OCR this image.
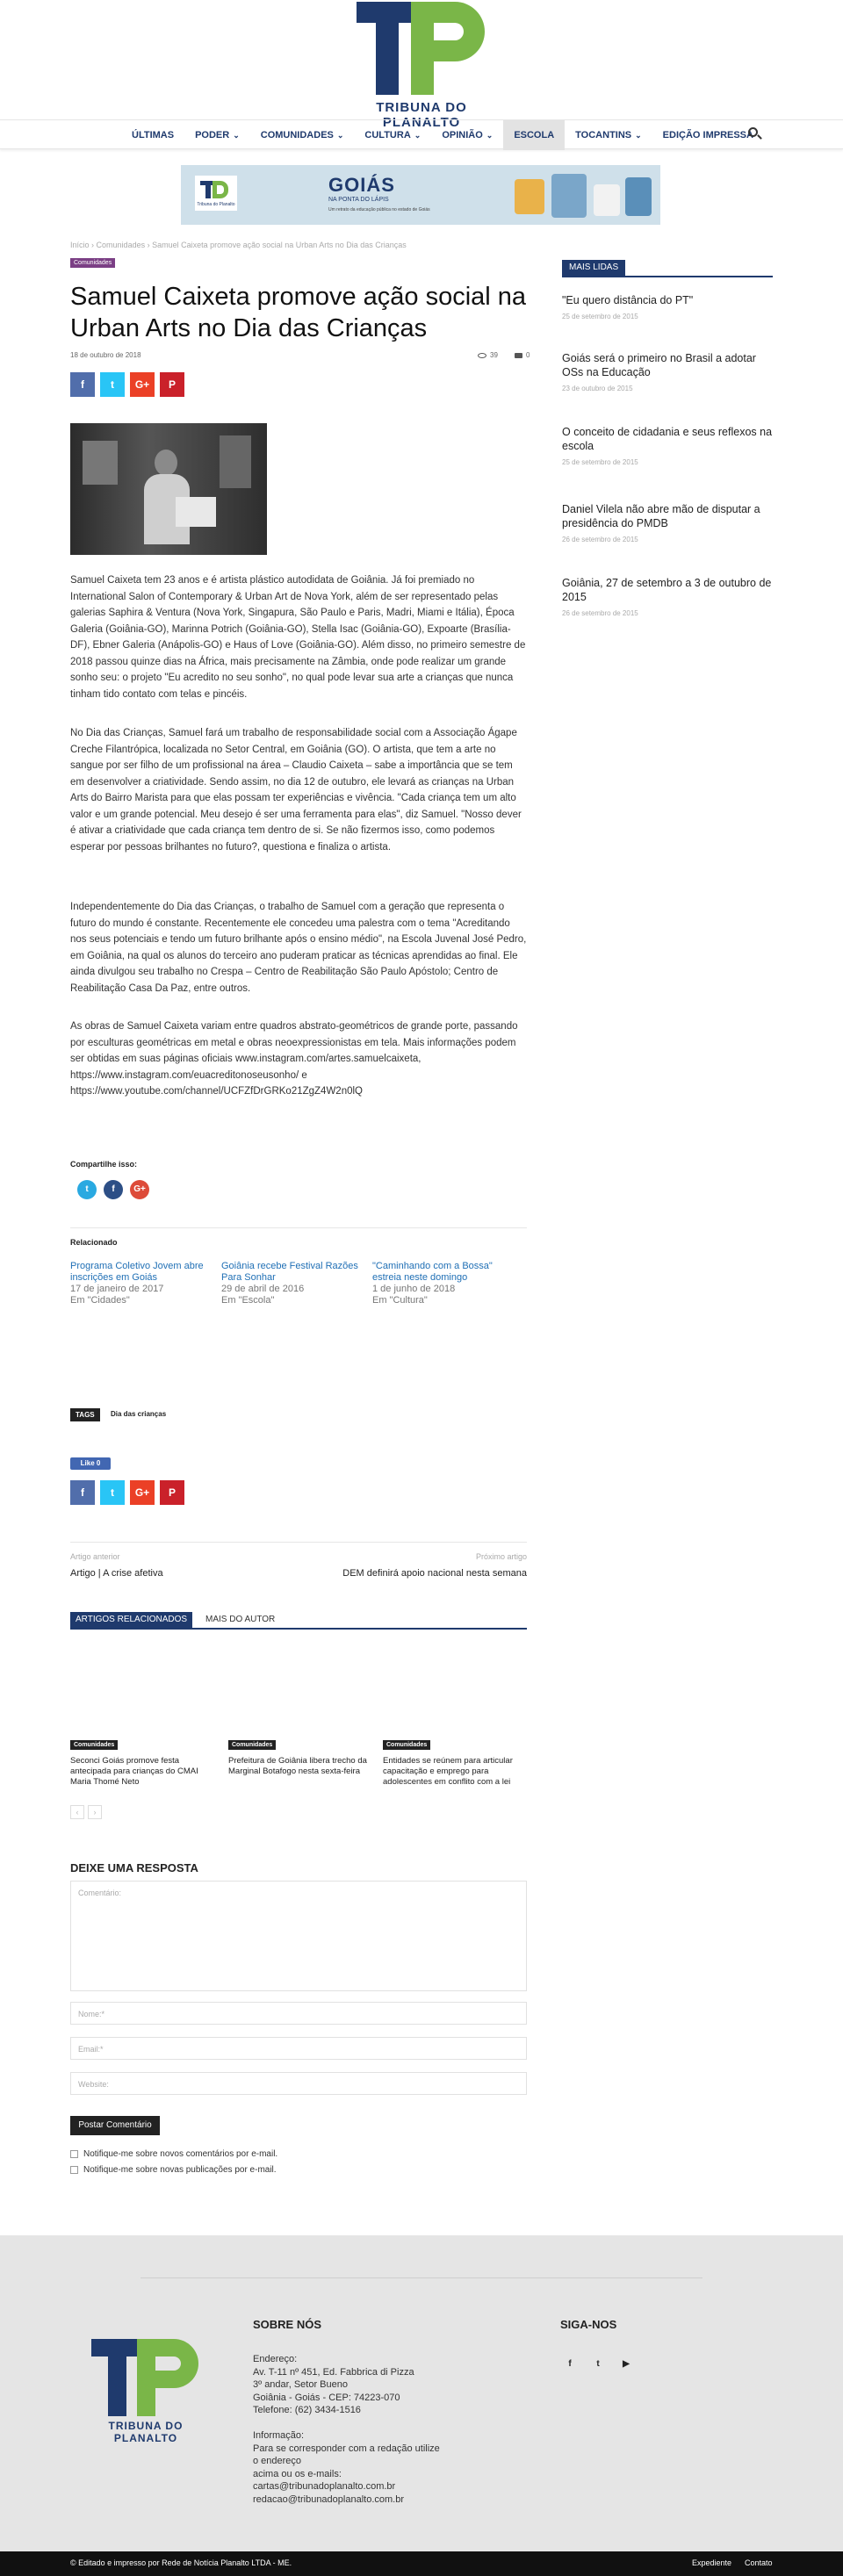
TRIBUNA DO PLANALTO
ÚLTIMAS	PODER ⌄	COMUNIDADES ⌄	CULTURA ⌄	OPINIÃO ⌄	ESCOLA	TOCANTINS ⌄	EDIÇÃO IMPRESSA
Tribuna do Planalto
GOIÁS
NA PONTA DO LÁPIS
Um retrato da educação pública no estado de Goiás
Início › Comunidades › Samuel Caixeta promove ação social na Urban Arts no Dia das Crianças
Comunidades
Samuel Caixeta promove ação social na Urban Arts no Dia das Crianças
18 de outubro de 2018	39	0
f	t	G+	P
Samuel Caixeta tem 23 anos e é artista plástico autodidata de Goiânia. Já foi premiado no International Salon of Contemporary & Urban Art de Nova York, além de ser representado pelas galerias Saphira & Ventura (Nova York, Singapura, São Paulo e Paris, Madri, Miami e Itália), Época Galeria (Goiânia-GO), Marinna Potrich (Goiânia-GO), Stella Isac (Goiânia-GO), Expoarte (Brasília-DF), Ebner Galeria (Anápolis-GO) e Haus of Love (Goiânia-GO). Além disso, no primeiro semestre de 2018 passou quinze dias na África, mais precisamente na Zâmbia, onde pode realizar um grande sonho seu: o projeto "Eu acredito no seu sonho", no qual pode levar sua arte a crianças que nunca tinham tido contato com telas e pincéis.
No Dia das Crianças, Samuel fará um trabalho de responsabilidade social com a Associação Ágape Creche Filantrópica, localizada no Setor Central, em Goiânia (GO). O artista, que tem a arte no sangue por ser filho de um profissional na área – Claudio Caixeta – sabe a importância que se tem em desenvolver a criatividade. Sendo assim, no dia 12 de outubro, ele levará as crianças na Urban Arts do Bairro Marista para que elas possam ter experiências e vivência. "Cada criança tem um alto valor e um grande potencial. Meu desejo é ser uma ferramenta para elas", diz Samuel. "Nosso dever é ativar a criatividade que cada criança tem dentro de si. Se não fizermos isso, como podemos esperar por pessoas brilhantes no futuro?, questiona e finaliza o artista.
Independentemente do Dia das Crianças, o trabalho de Samuel com a geração que representa o futuro do mundo é constante. Recentemente ele concedeu uma palestra com o tema "Acreditando nos seus potenciais e tendo um futuro brilhante após o ensino médio", na Escola Juvenal José Pedro, em Goiânia, na qual os alunos do terceiro ano puderam praticar as técnicas aprendidas ao final. Ele ainda divulgou seu trabalho no Crespa – Centro de Reabilitação São Paulo Apóstolo; Centro de Reabilitação Casa Da Paz, entre outros.
As obras de Samuel Caixeta variam entre quadros abstrato-geométricos de grande porte, passando por esculturas geométricas em metal e obras neoexpressionistas em tela. Mais informações podem ser obtidas em suas páginas oficiais www.instagram.com/artes.samuelcaixeta, https://www.instagram.com/euacreditonoseusonho/ e https://www.youtube.com/channel/UCFZfDrGRKo21ZgZ4W2n0lQ
Compartilhe isso:
t	f	G+
Relacionado
Programa Coletivo Jovem abre inscrições em Goiás
17 de janeiro de 2017
Em "Cidades"
Goiânia recebe Festival Razões Para Sonhar
29 de abril de 2016
Em "Escola"
"Caminhando com a Bossa" estreia neste domingo
1 de junho de 2018
Em "Cultura"
TAGS	Dia das crianças
Like 0
f	t	G+	P
Artigo anterior	Próximo artigo
Artigo | A crise afetiva	DEM definirá apoio nacional nesta semana
ARTIGOS RELACIONADOS	MAIS DO AUTOR
Comunidades
Seconci Goiás promove festa antecipada para crianças do CMAI Maria Thomé Neto
Comunidades
Prefeitura de Goiânia libera trecho da Marginal Botafogo nesta sexta-feira
Comunidades
Entidades se reúnem para articular capacitação e emprego para adolescentes em conflito com a lei
‹	›
DEIXE UMA RESPOSTA
Comentário:
Nome:*
Email:*
Website:
Postar Comentário
Notifique-me sobre novos comentários por e-mail.
Notifique-me sobre novas publicações por e-mail.
MAIS LIDAS
"Eu quero distância do PT"
25 de setembro de 2015
Goiás será o primeiro no Brasil a adotar OSs na Educação
23 de outubro de 2015
O conceito de cidadania e seus reflexos na escola
25 de setembro de 2015
Daniel Vilela não abre mão de disputar a presidência do PMDB
26 de setembro de 2015
Goiânia, 27 de setembro a 3 de outubro de 2015
26 de setembro de 2015
TRIBUNA DO PLANALTO
SOBRE NÓS
Endereço:
Av. T-11 nº 451, Ed. Fabbrica di Pizza
3º andar, Setor Bueno
Goiânia - Goiás - CEP: 74223-070
Telefone: (62) 3434-1516
Informação:
Para se corresponder com a redação utilize o endereço
acima ou os e-mails:
cartas@tribunadoplanalto.com.br
redacao@tribunadoplanalto.com.br
SIGA-NOS
f	t	▶
© Editado e impresso por Rede de Notícia Planalto LTDA - ME.	Expediente Contato
